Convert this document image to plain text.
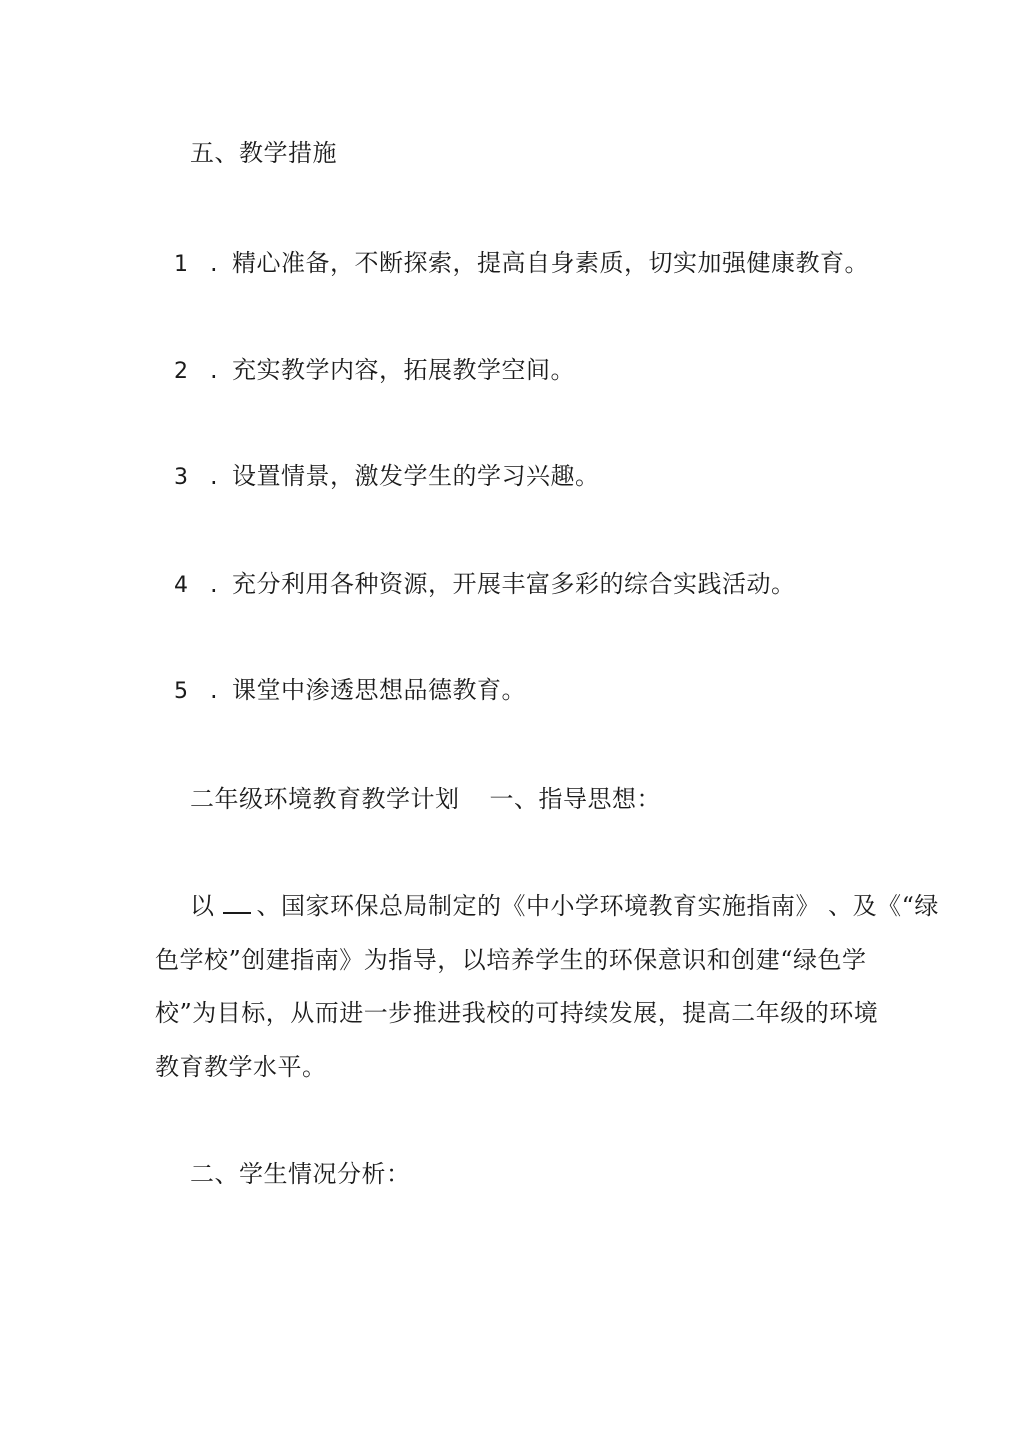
五、教学措施
1 . 精心准备，不断探索，提高自身素质，切实加强健康教育。
2 . 充实教学内容，拓展教学空间。
3 . 设置情景，激发学生的学习兴趣。
4 . 充分利用各种资源，开展丰富多彩的综合实践活动。
5 . 课堂中渗透思想品德教育。
二年级环境教育教学计划 一、指导思想：
以 、国家环保总局制定的《中小学环境教育实施指南》 、及《“绿
色学校”创建指南》为指导，以培养学生的环保意识和创建“绿色学
校”为目标，从而进一步推进我校的可持续发展，提高二年级的环境
教育教学水平。
二、学生情况分析：
